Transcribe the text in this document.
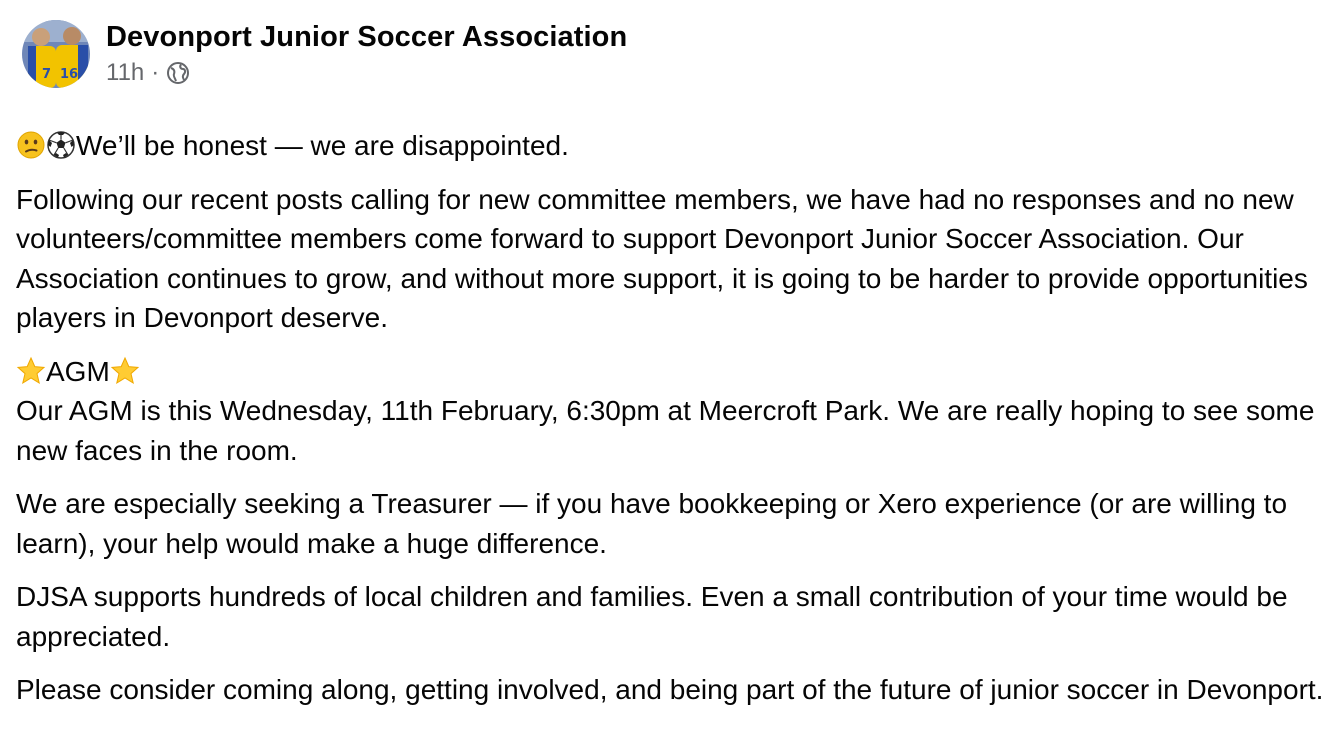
7 16
Devonport Junior Soccer Association
11h ·

We’ll be honest — we are disappointed.

Following our recent posts calling for new committee members, we have had no responses and no new volunteers/committee members come forward to support Devonport Junior Soccer Association. Our Association continues to grow, and without more support, it is going to be harder to provide opportunities players in Devonport deserve.

AGM
Our AGM is this Wednesday, 11th February, 6:30pm at Meercroft Park. We are really hoping to see some new faces in the room.

We are especially seeking a Treasurer — if you have bookkeeping or Xero experience (or are willing to learn), your help would make a huge difference.

DJSA supports hundreds of local children and families. Even a small contribution of your time would be appreciated.

Please consider coming along, getting involved, and being part of the future of junior soccer in Devonport.
